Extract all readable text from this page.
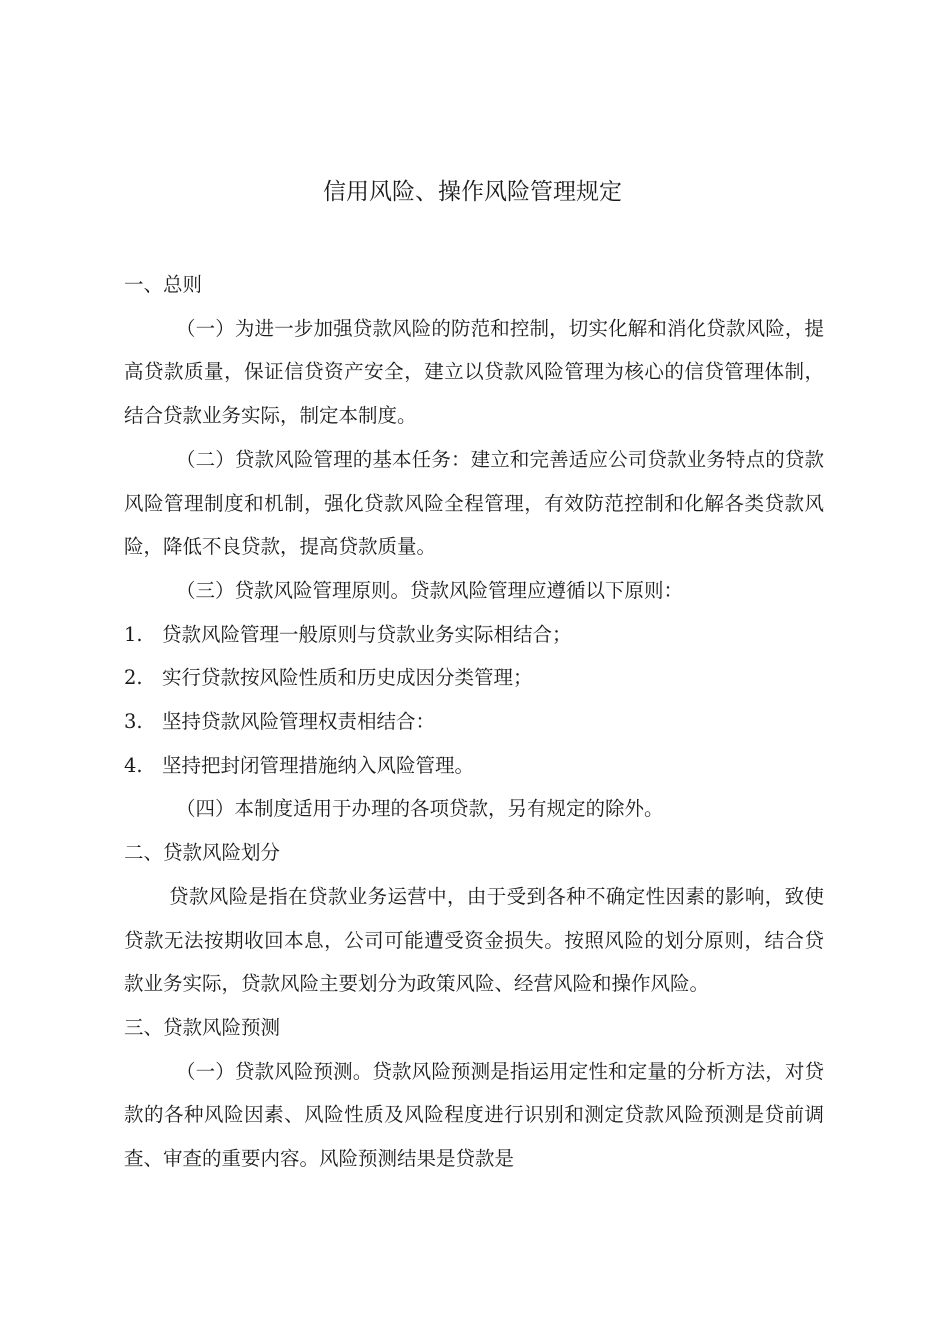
信用风险、操作风险管理规定

一、总则

（一）为进一步加强贷款风险的防范和控制，切实化解和消化贷款风险，提高贷款质量，保证信贷资产安全，建立以贷款风险管理为核心的信贷管理体制，结合贷款业务实际，制定本制度。

（二）贷款风险管理的基本任务：建立和完善适应公司贷款业务特点的贷款风险管理制度和机制，强化贷款风险全程管理，有效防范控制和化解各类贷款风险，降低不良贷款，提高贷款质量。

（三）贷款风险管理原则。贷款风险管理应遵循以下原则：

1. 贷款风险管理一般原则与贷款业务实际相结合；

2. 实行贷款按风险性质和历史成因分类管理；

3. 坚持贷款风险管理权责相结合：

4. 坚持把封闭管理措施纳入风险管理。

（四）本制度适用于办理的各项贷款，另有规定的除外。

二、贷款风险划分

贷款风险是指在贷款业务运营中，由于受到各种不确定性因素的影响，致使贷款无法按期收回本息，公司可能遭受资金损失。按照风险的划分原则，结合贷款业务实际，贷款风险主要划分为政策风险、经营风险和操作风险。

三、贷款风险预测

（一）贷款风险预测。贷款风险预测是指运用定性和定量的分析方法，对贷款的各种风险因素、风险性质及风险程度进行识别和测定贷款风险预测是贷前调查、审查的重要内容。风险预测结果是贷款是
